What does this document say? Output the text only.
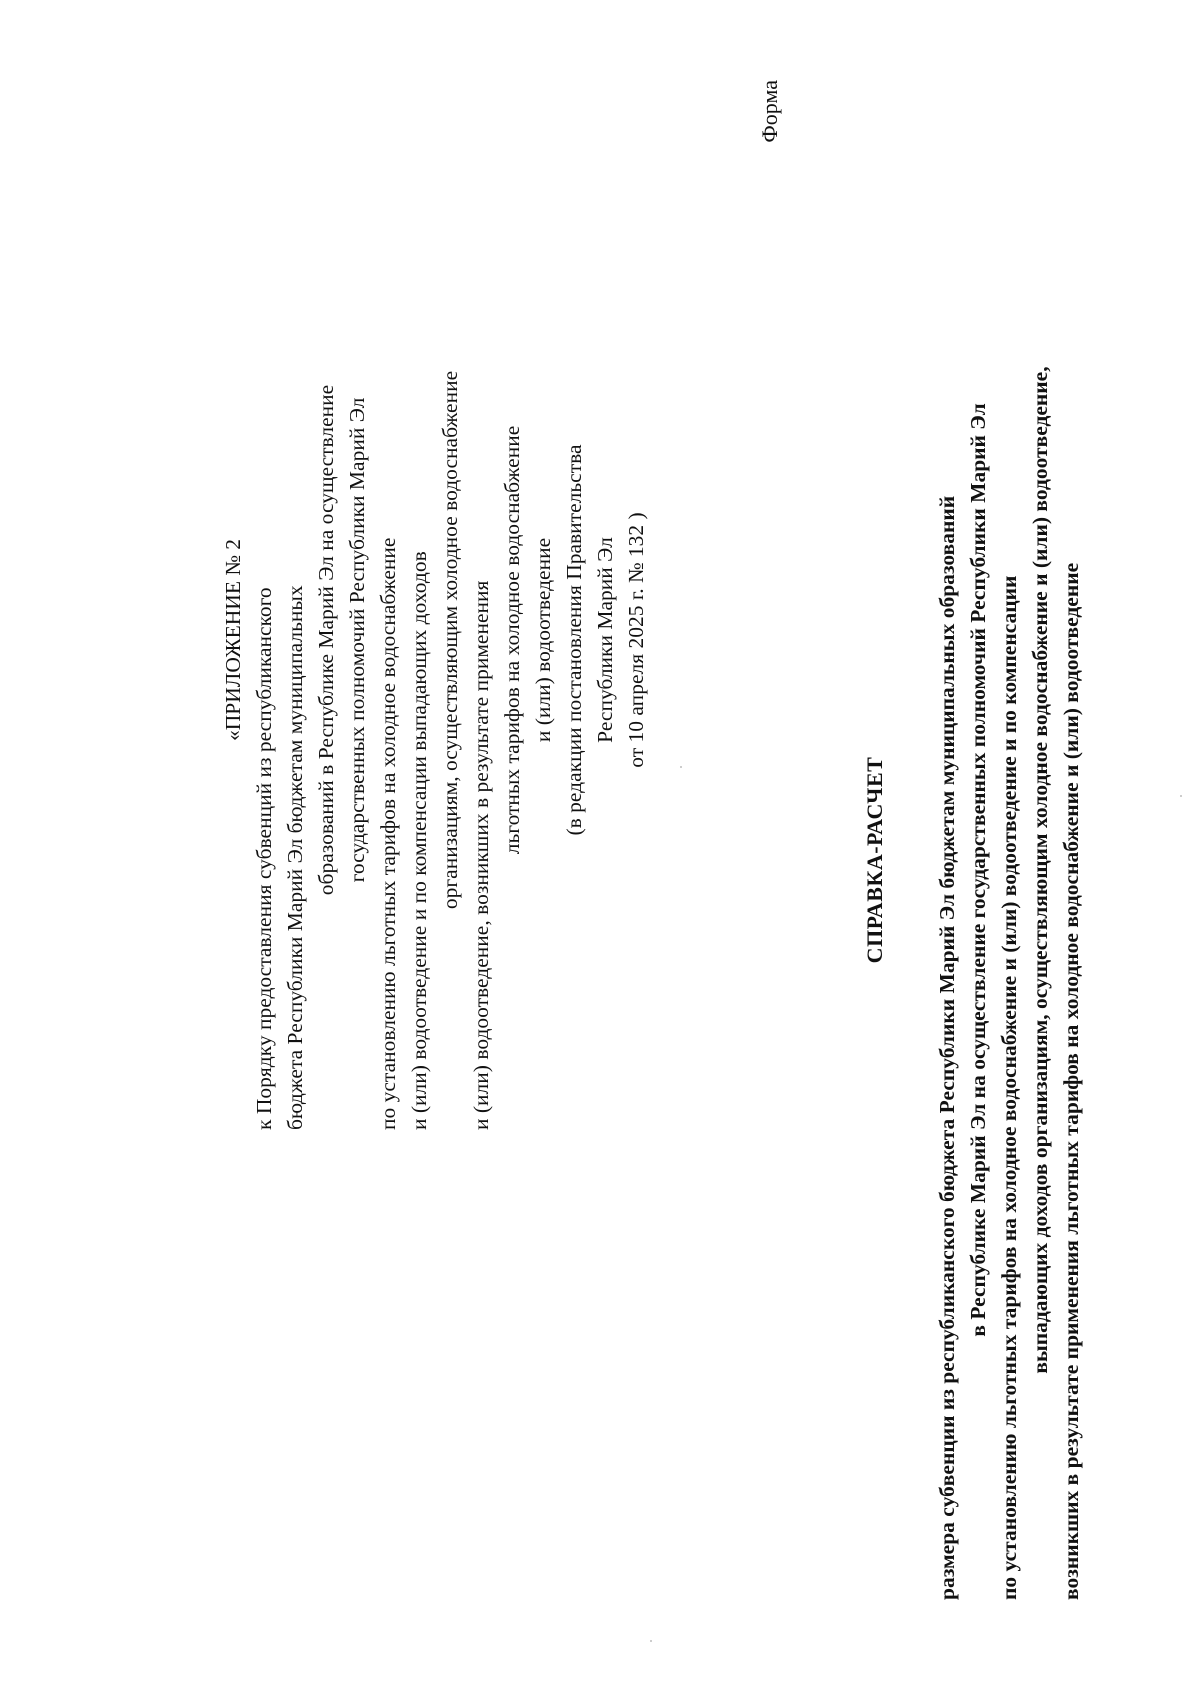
«ПРИЛОЖЕНИЕ № 2 к Порядку предоставления субвенций из республиканского бюджета Республики Марий Эл бюджетам муниципальных образований в Республике Марий Эл на осуществление государственных полномочий Республики Марий Эл по установлению льготных тарифов на холодное водоснабжение и (или) водоотведение и по компенсации выпадающих доходов организациям, осуществляющим холодное водоснабжение и (или) водоотведение, возникших в результате применения льготных тарифов на холодное водоснабжение и (или) водоотведение (в редакции постановления Правительства Республики Марий Эл от 10 апреля 2025 г. № 132 )
Форма
СПРАВКА-РАСЧЕТ размера субвенции из республиканского бюджета Республики Марий Эл бюджетам муниципальных образований в Республике Марий Эл на осуществление государственных полномочий Республики Марий Эл по установлению льготных тарифов на холодное водоснабжение и (или) водоотведение и по компенсации выпадающих доходов организациям, осуществляющим холодное водоснабжение и (или) водоотведение, возникших в результате применения льготных тарифов на холодное водоснабжение и (или) водоотведение
